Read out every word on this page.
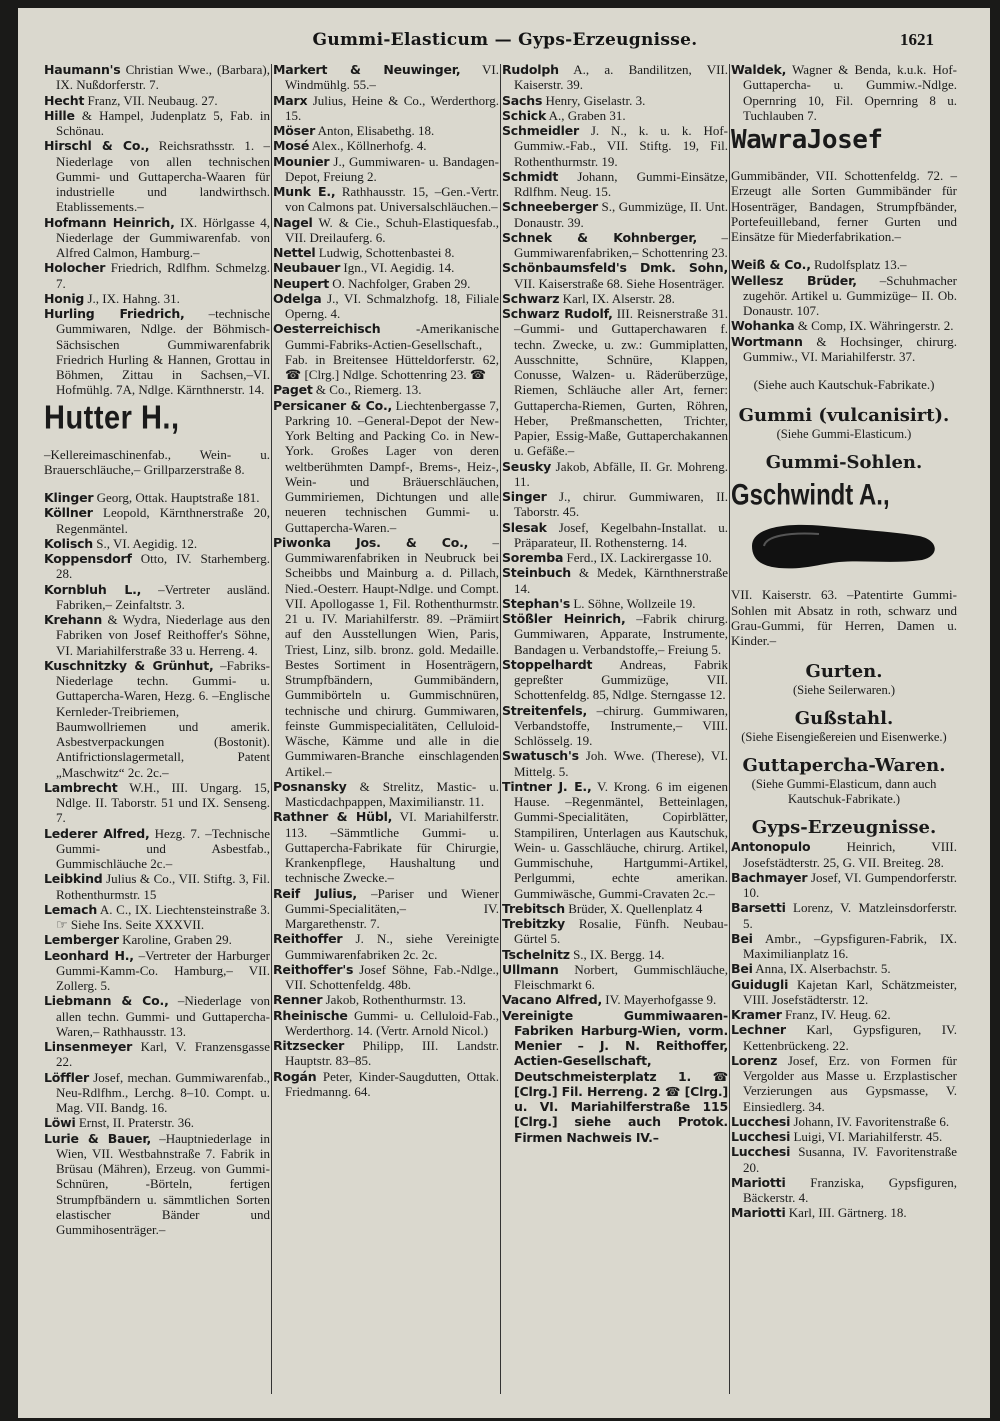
Gummi-Elasticum — Gyps-Erzeugnisse.	1621

Haumann's Christian Wwe., (Barbara), IX. Nußdorferstr. 7.

Hecht Franz, VII. Neubaug. 27.

Hille & Hampel, Judenplatz 5, Fab. in Schönau.

Hirschl & Co., Reichsrathsstr. 1. –Niederlage von allen technischen Gummi- und Guttapercha-Waaren für industrielle und landwirthsch. Etablissements.–

Hofmann Heinrich, IX. Hörlgasse 4, Niederlage der Gummiwarenfab. von Alfred Calmon, Hamburg.–

Holocher Friedrich, Rdlfhm. Schmelzg. 7.

Honig J., IX. Hahng. 31.

Hurling Friedrich, –technische Gummiwaren, Ndlge. der Böhmisch-Sächsischen Gummiwarenfabrik Friedrich Hurling & Hannen, Grottau in Böhmen, Zittau in Sachsen,–VI. Hofmühlg. 7A, Ndlge. Kärnthnerstr. 14.

Hutter H.,

–Kellereimaschinenfab., Wein- u. Brauerschläuche,– Grillparzerstraße 8.

Klinger Georg, Ottak. Hauptstraße 181.

Köllner Leopold, Kärnthnerstraße 20, Regenmäntel.

Kolisch S., VI. Aegidig. 12.

Koppensdorf Otto, IV. Starhemberg. 28.

Kornbluh L., –Vertreter ausländ. Fabriken,– Zeinfaltstr. 3.

Krehann & Wydra, Niederlage aus den Fabriken von Josef Reithoffer's Söhne, VI. Mariahilferstraße 33 u. Herreng. 4.

Kuschnitzky & Grünhut, –Fabriks-Niederlage techn. Gummi- u. Guttapercha-Waren, Hezg. 6. –Englische Kernleder-Treibriemen, Baumwollriemen und amerik. Asbestverpackungen (Bostonit). Antifrictionslagermetall, Patent „Maschwitz“ 2c. 2c.–

Lambrecht W.H., III. Ungarg. 15, Ndlge. II. Taborstr. 51 und IX. Senseng. 7.

Lederer Alfred, Hezg. 7. –Technische Gummi- und Asbestfab., Gummischläuche 2c.–

Leibkind Julius & Co., VII. Stiftg. 3, Fil. Rothenthurmstr. 15

Lemach A. C., IX. Liechtensteinstraße 3. ☞ Siehe Ins. Seite XXXVII.

Lemberger Karoline, Graben 29.

Leonhard H., –Vertreter der Harburger Gummi-Kamm-Co. Hamburg,– VII. Zollerg. 5.

Liebmann & Co., –Niederlage von allen techn. Gummi- und Guttapercha-Waren,– Rathhausstr. 13.

Linsenmeyer Karl, V. Franzensgasse 22.

Löffler Josef, mechan. Gummiwarenfab., Neu-Rdlfhm., Lerchg. 8–10. Compt. u. Mag. VII. Bandg. 16.

Löwi Ernst, II. Praterstr. 36.

Lurie & Bauer, –Hauptniederlage in Wien, VII. Westbahnstraße 7. Fabrik in Brüsau (Mähren), Erzeug. von Gummi-Schnüren, -Börteln, fertigen Strumpfbändern u. sämmtlichen Sorten elastischer Bänder und Gummihosenträger.–

Markert & Neuwinger, VI. Windmühlg. 55.–

Marx Julius, Heine & Co., Werderthorg. 15.

Möser Anton, Elisabethg. 18.

Mosé Alex., Köllnerhofg. 4.

Mounier J., Gummiwaren- u. Bandagen-Depot, Freiung 2.

Munk E., Rathhausstr. 15, –Gen.-Vertr. von Calmons pat. Universalschläuchen.–

Nagel W. & Cie., Schuh-Elastiquesfab., VII. Dreilauferg. 6.

Nettel Ludwig, Schottenbastei 8.

Neubauer Ign., VI. Aegidig. 14.

Neupert O. Nachfolger, Graben 29.

Odelga J., VI. Schmalzhofg. 18, Filiale Operng. 4.

Oesterreichisch	-Amerikanische Gummi-Fabriks-Actien-Gesellschaft., Fab. in Breitensee Hütteldorferstr. 62, ☎ [Clrg.] Ndlge. Schottenring 23. ☎

Paget & Co., Riemerg. 13.

Persicaner & Co., Liechtenbergasse 7, Parkring 10. –General-Depot der New-York Belting and Packing Co. in New-York. Großes Lager von deren weltberühmten Dampf-, Brems-, Heiz-, Wein- und Bräuerschläuchen, Gummiriemen, Dichtungen und alle neueren technischen Gummi- u. Guttapercha-Waren.–

Piwonka Jos. & Co., –Gummiwarenfabriken in Neubruck bei Scheibbs und Mainburg a. d. Pillach, Nied.-Oesterr. Haupt-Ndlge. und Compt. VII. Apollogasse 1, Fil. Rothenthurmstr. 21 u. IV. Mariahilferstr. 89. –Prämiirt auf den Ausstellungen Wien, Paris, Triest, Linz, silb. bronz. gold. Medaille. Bestes Sortiment in Hosenträgern, Strumpfbändern, Gummibändern, Gummibörteln u. Gummischnüren, technische und chirurg. Gummiwaren, feinste Gummispecialitäten, Celluloid-Wäsche, Kämme und alle in die Gummiwaren-Branche einschlagenden Artikel.–

Posnansky & Strelitz, Mastic- u. Masticdachpappen, Maximilianstr. 11.

Rathner & Hübl, VI. Mariahilferstr. 113. –Sämmtliche Gummi- u. Guttapercha-Fabrikate für Chirurgie, Krankenpflege, Haushaltung und technische Zwecke.–

Reif Julius, –Pariser und Wiener Gummi-Specialitäten,– IV. Margarethenstr. 7.

Reithoffer J. N., siehe Vereinigte Gummiwarenfabriken 2c. 2c.

Reithoffer's Josef Söhne, Fab.-Ndlge., VII. Schottenfeldg. 48b.

Renner Jakob, Rothenthurmstr. 13.

Rheinische Gummi- u. Celluloid-Fab., Werderthorg. 14. (Vertr. Arnold Nicol.)

Ritzsecker Philipp, III. Landstr. Hauptstr. 83–85.

Rogán Peter, Kinder-Saugdutten, Ottak. Friedmanng. 64.

Rudolph A., a. Bandilitzen, VII. Kaiserstr. 39.

Sachs Henry, Giselastr. 3.

Schick A., Graben 31.

Schmeidler J. N., k. u. k. Hof-Gummiw.-Fab., VII. Stiftg. 19, Fil. Rothenthurmstr. 19.

Schmidt Johann, Gummi-Einsätze, Rdlfhm. Neug. 15.

Schneeberger S., Gummizüge, II. Unt. Donaustr. 39.

Schnek & Kohnberger, –Gummiwarenfabriken,– Schottenring 23.

Schönbaumsfeld's Dmk. Sohn, VII. Kaiserstraße 68. Siehe Hosenträger.

Schwarz Karl, IX. Alserstr. 28.

Schwarz Rudolf, III. Reisnerstraße 31. –Gummi- und Guttaperchawaren f. techn. Zwecke, u. zw.: Gummiplatten, Ausschnitte, Schnüre, Klappen, Conusse, Walzen- u. Räderüberzüge, Riemen, Schläuche aller Art, ferner: Guttapercha-Riemen, Gurten, Röhren, Heber, Preßmanschetten, Trichter, Papier, Essig-Maße, Guttaperchakannen u. Gefäße.–

Seusky Jakob, Abfälle, II. Gr. Mohreng. 11.

Singer J., chirur. Gummiwaren, II. Taborstr. 45.

Slesak Josef, Kegelbahn-Installat. u. Präparateur, II. Rothensterng. 14.

Soremba Ferd., IX. Lackirergasse 10.

Steinbuch & Medek, Kärnthnerstraße 14.

Stephan's L. Söhne, Wollzeile 19.

Stößler Heinrich, –Fabrik chirurg. Gummiwaren, Apparate, Instrumente, Bandagen u. Verbandstoffe,– Freiung 5.

Stoppelhardt Andreas, Fabrik gepreßter Gummizüge, VII. Schottenfeldg. 85, Ndlge. Sterngasse 12.

Streitenfels, –chirurg. Gummiwaren, Verbandstoffe, Instrumente,– VIII. Schlösselg. 19.

Swatusch's Joh. Wwe. (Therese), VI. Mittelg. 5.

Tintner J. E., V. Krong. 6 im eigenen Hause. –Regenmäntel, Betteinlagen, Gummi-Specialitäten, Copirblätter, Stampiliren, Unterlagen aus Kautschuk, Wein- u. Gasschläuche, chirurg. Artikel, Gummischuhe, Hartgummi-Artikel, Perlgummi, echte amerikan. Gummiwäsche, Gummi-Cravaten 2c.–

Trebitsch Brüder, X. Quellenplatz 4

Trebitzky Rosalie, Fünfh. Neubau-Gürtel 5.

Tschelnitz S., IX. Bergg. 14.

Ullmann Norbert, Gummischläuche, Fleischmarkt 6.

Vacano Alfred, IV. Mayerhofgasse 9.

Vereinigte Gummiwaaren-Fabriken Harburg-Wien, vorm. Menier – J. N. Reithoffer, Actien-Gesellschaft, Deutschmeisterplatz 1. ☎ [Clrg.] Fil. Herreng. 2 ☎ [Clrg.] u. VI. Mariahilferstraße 115 [Clrg.] siehe auch Protok. Firmen Nachweis IV.–

Waldek, Wagner & Benda, k.u.k. Hof-Guttapercha- u. Gummiw.-Ndlge. Opernring 10, Fil. Opernring 8 u. Tuchlauben 7.

WawraJosef

Gummibänder, VII. Schottenfeldg. 72. –Erzeugt alle Sorten Gummibänder für Hosenträger, Bandagen, Strumpfbänder, Portefeuilleband, ferner Gurten und Einsätze für Miederfabrikation.–

Weiß & Co., Rudolfsplatz 13.–

Wellesz Brüder, –Schuhmacher zugehör. Artikel u. Gummizüge– II. Ob. Donaustr. 107.

Wohanka & Comp, IX. Währingerstr. 2.

Wortmann & Hochsinger, chirurg. Gummiw., VI. Mariahilferstr. 37.

(Siehe auch Kautschuk-Fabrikate.)

Gummi (vulcanisirt).
(Siehe Gummi-Elasticum.)
Gummi-Sohlen.
Gschwindt A.,

VII. Kaiserstr. 63. –Patentirte Gummi-Sohlen mit Absatz in roth, schwarz und Grau-Gummi, für Herren, Damen u. Kinder.–

Gurten.
(Siehe Seilerwaren.)
Gußstahl.
(Siehe Eisengießereien und Eisenwerke.)
Guttapercha-Waren.
(Siehe Gummi-Elasticum, dann auch Kautschuk-Fabrikate.)
Gyps-Erzeugnisse.

Antonopulo	Heinrich, VIII. Josefstädterstr. 25, G. VII. Breiteg. 28.

Bachmayer Josef, VI. Gumpendorferstr. 10.

Barsetti Lorenz, V. Matzleinsdorferstr. 5.

Bei Ambr., –Gypsfiguren-Fabrik, IX. Maximilianplatz 16.

Bei Anna, IX. Alserbachstr. 5.

Guidugli Kajetan Karl, Schätzmeister, VIII. Josefstädterstr. 12.

Kramer Franz, IV. Heug. 62.

Lechner Karl, Gypsfiguren, IV. Kettenbrückeng. 22.

Lorenz Josef, Erz. von Formen für Vergolder aus Masse u. Erzplastischer Verzierungen aus Gypsmasse, V. Einsiedlerg. 34.

Lucchesi Johann, IV. Favoritenstraße 6.

Lucchesi Luigi, VI. Mariahilferstr. 45.

Lucchesi Susanna, IV. Favoritenstraße 20.

Mariotti Franziska, Gypsfiguren, Bäckerstr. 4.

Mariotti Karl, III. Gärtnerg. 18.
